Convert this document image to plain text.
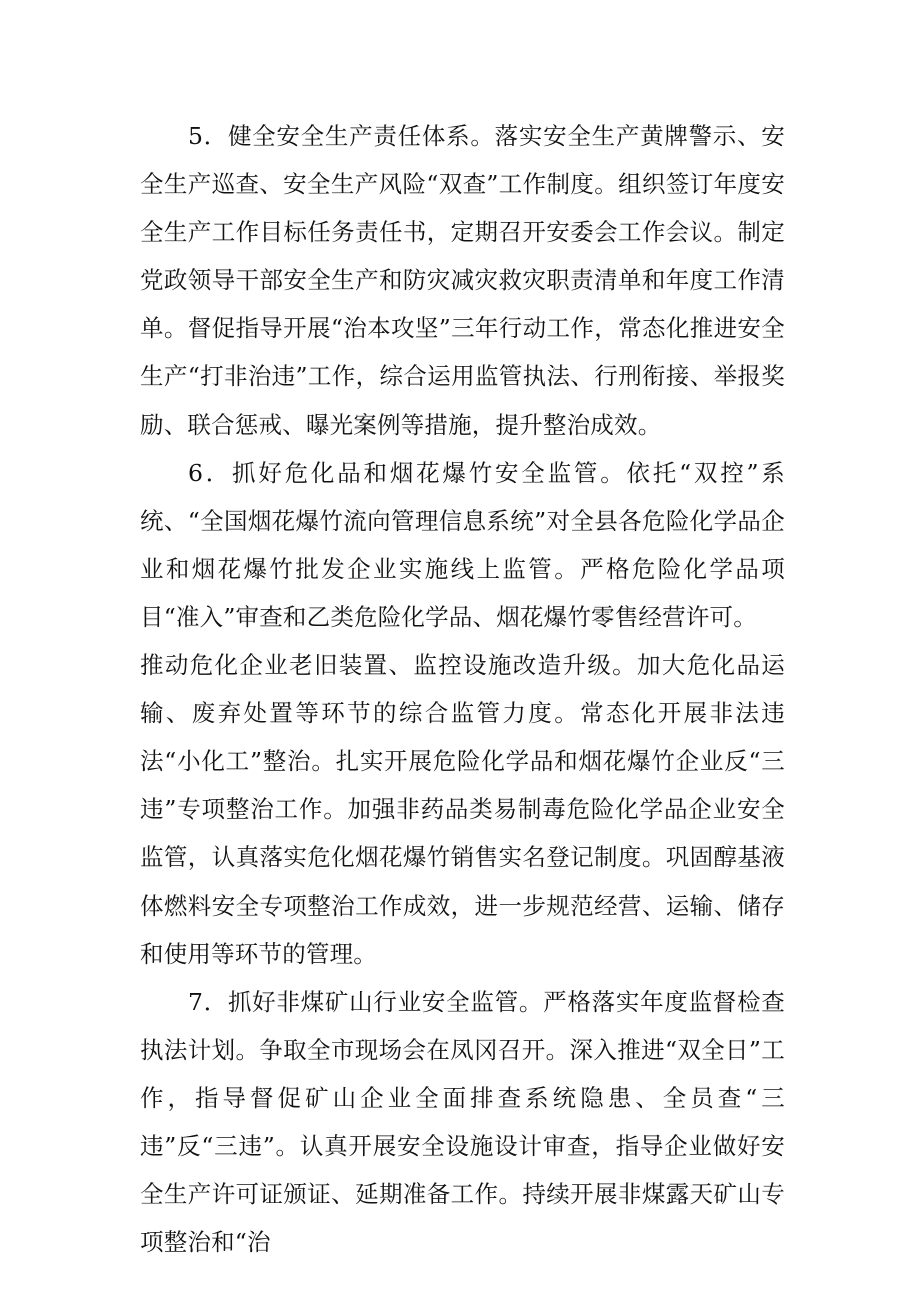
5．健全安全生产责任体系。落实安全生产黄牌警示、安全生产巡查、安全生产风险“双查”工作制度。组织签订年度安全生产工作目标任务责任书，定期召开安委会工作会议。制定党政领导干部安全生产和防灾减灾救灾职责清单和年度工作清单。督促指导开展“治本攻坚”三年行动工作，常态化推进安全生产“打非治违”工作，综合运用监管执法、行刑衔接、举报奖励、联合惩戒、曝光案例等措施，提升整治成效。

6．抓好危化品和烟花爆竹安全监管。依托“双控”系统、“全国烟花爆竹流向管理信息系统”对全县各危险化学品企业和烟花爆竹批发企业实施线上监管。严格危险化学品项目“准入”审查和乙类危险化学品、烟花爆竹零售经营许可。

推动危化企业老旧装置、监控设施改造升级。加大危化品运输、废弃处置等环节的综合监管力度。常态化开展非法违法“小化工”整治。扎实开展危险化学品和烟花爆竹企业反“三违”专项整治工作。加强非药品类易制毒危险化学品企业安全监管，认真落实危化烟花爆竹销售实名登记制度。巩固醇基液体燃料安全专项整治工作成效，进一步规范经营、运输、储存和使用等环节的管理。

7．抓好非煤矿山行业安全监管。严格落实年度监督检查执法计划。争取全市现场会在凤冈召开。深入推进“双全日”工作，指导督促矿山企业全面排查系统隐患、全员查“三违”反“三违”。认真开展安全设施设计审查，指导企业做好安全生产许可证颁证、延期准备工作。持续开展非煤露天矿山专项整治和“治
